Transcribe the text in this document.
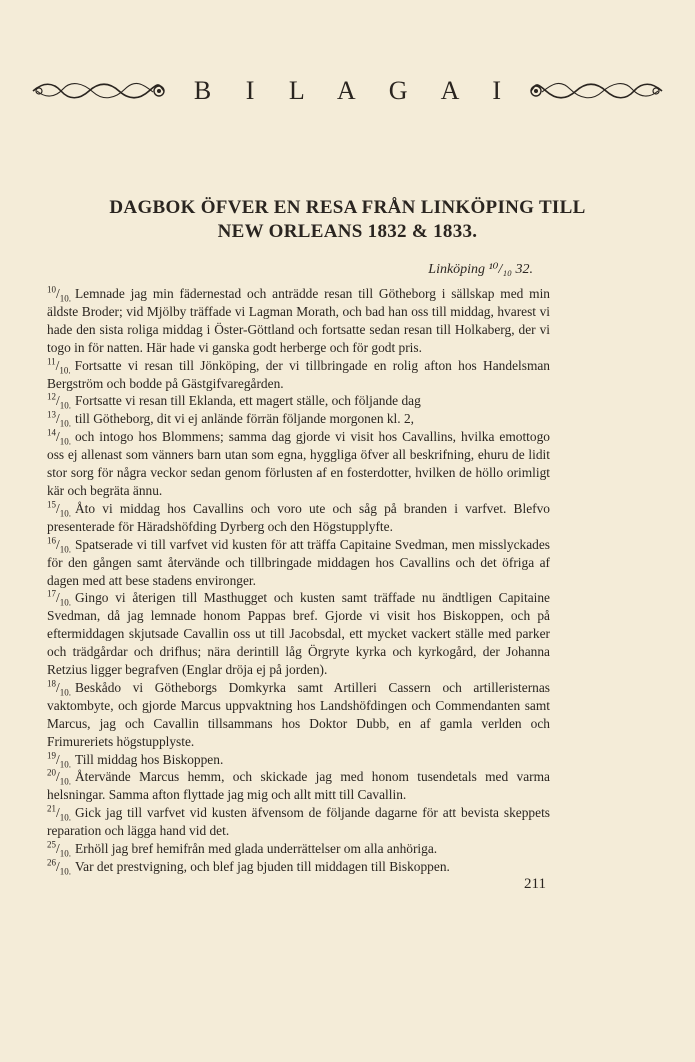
B I L A G A I
DAGBOK ÖFVER EN RESA FRÅN LINKÖPING TILL
NEW ORLEANS 1832 & 1833.
Linköping ¹⁰/₁₀ 32.

$^{10}/_{10.}$ Lemnade jag min fädernestad och anträdde resan till Götheborg i sällskap med min äldste Broder; vid Mjölby träffade vi Lagman Morath, och bad han oss till middag, hvarest vi hade den sista roliga middag i Öster-Göttland och fortsatte sedan resan till Holkaberg, der vi togo in för natten. Här hade vi ganska godt herberge och för godt pris.

$^{11}/_{10.}$ Fortsatte vi resan till Jönköping, der vi tillbringade en rolig afton hos Handelsman Bergström och bodde på Gästgifvaregården.

$^{12}/_{10.}$ Fortsatte vi resan till Eklanda, ett magert ställe, och följande dag

$^{13}/_{10.}$ till Götheborg, dit vi ej anlände förrän följande morgonen kl. 2,

$^{14}/_{10.}$ och intogo hos Blommens; samma dag gjorde vi visit hos Cavallins, hvilka emottogo oss ej allenast som vänners barn utan som egna, hyggliga öfver all beskrifning, ehuru de lidit stor sorg för några veckor sedan genom förlusten af en fosterdotter, hvilken de höllo orimligt kär och begräta ännu.

$^{15}/_{10.}$ Åto vi middag hos Cavallins och voro ute och såg på branden i varfvet. Blefvo presenterade för Häradshöfding Dyrberg och den Högstupplyfte.

$^{16}/_{10.}$ Spatserade vi till varfvet vid kusten för att träffa Capitaine Svedman, men misslyckades för den gången samt återvände och tillbringade middagen hos Cavallins och det öfriga af dagen med att bese stadens environger.

$^{17}/_{10.}$ Gingo vi återigen till Masthugget och kusten samt träffade nu ändtligen Capitaine Svedman, då jag lemnade honom Pappas bref. Gjorde vi visit hos Biskoppen, och på eftermiddagen skjutsade Cavallin oss ut till Jacobsdal, ett mycket vackert ställe med parker och trädgårdar och drifhus; nära derintill låg Örgryte kyrka och kyrkogård, der Johanna Retzius ligger begrafven (Englar dröja ej på jorden).

$^{18}/_{10.}$ Beskådo vi Götheborgs Domkyrka samt Artilleri Cassern och artilleristernas vaktombyte, och gjorde Marcus uppvaktning hos Landshöfdingen och Commendanten samt Marcus, jag och Cavallin tillsammans hos Doktor Dubb, en af gamla verlden och Frimureriets högstupplyste.

$^{19}/_{10.}$ Till middag hos Biskoppen.

$^{20}/_{10.}$ Återvände Marcus hemm, och skickade jag med honom tusendetals med varma helsningar. Samma afton flyttade jag mig och allt mitt till Cavallin.

$^{21}/_{10.}$ Gick jag till varfvet vid kusten äfvensom de följande dagarne för att bevista skeppets reparation och lägga hand vid det.

$^{25}/_{10.}$ Erhöll jag bref hemifrån med glada underrättelser om alla anhöriga.

$^{26}/_{10.}$ Var det prestvigning, och blef jag bjuden till middagen till Biskoppen.

211
